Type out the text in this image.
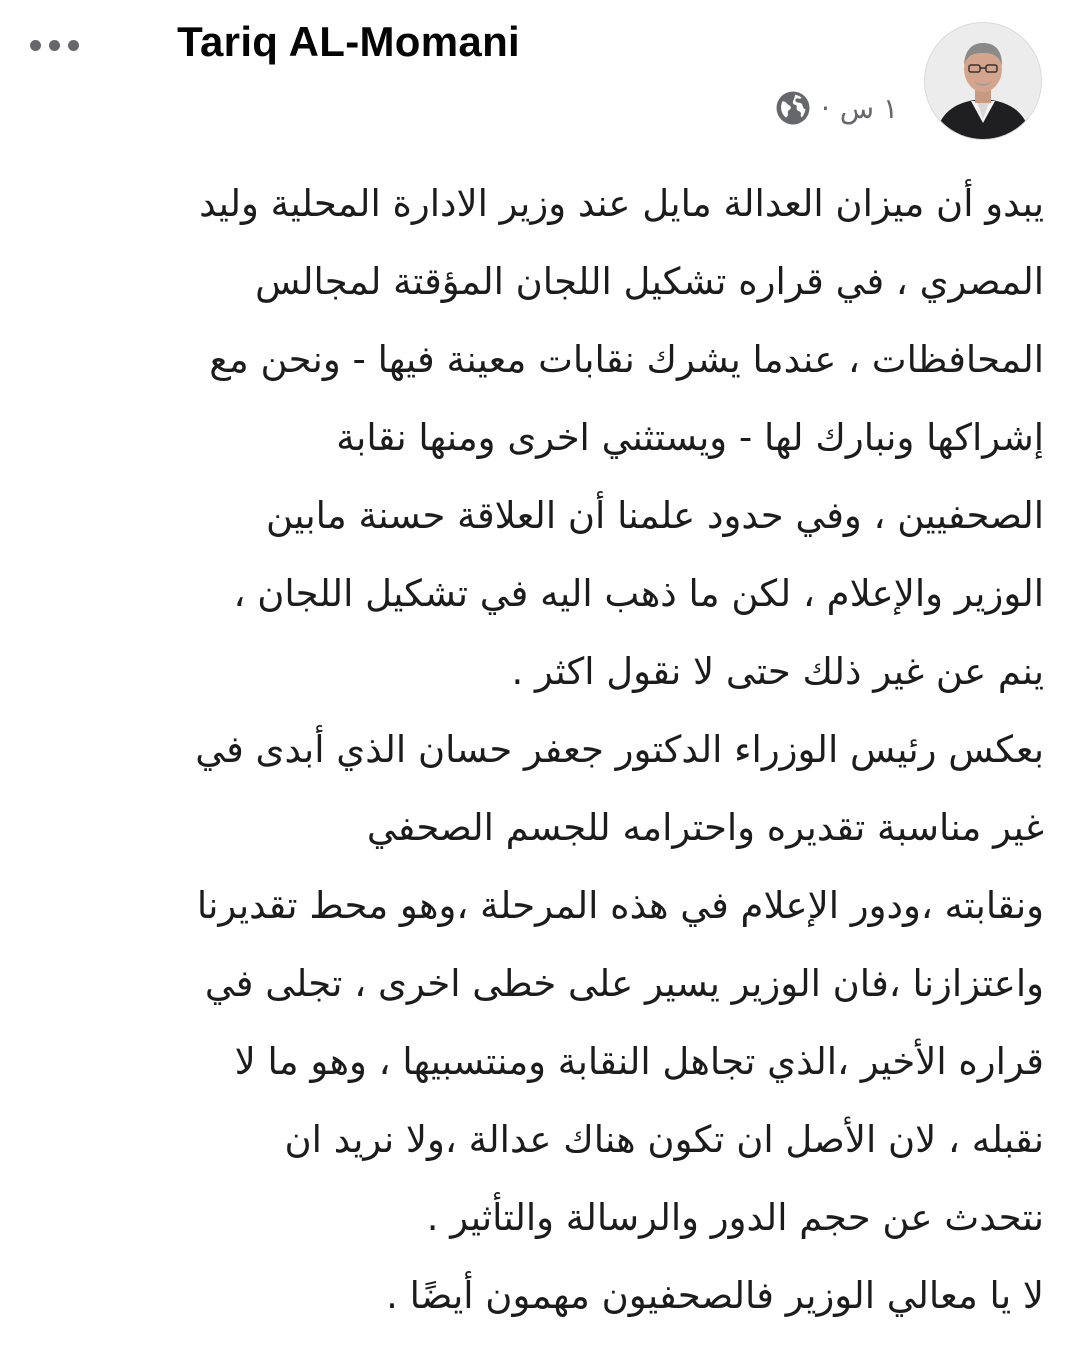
Tariq AL-Momani
· ١ س
يبدو أن ميزان العدالة مايل عند وزير الادارة المحلية وليد
المصري ، في قراره تشكيل اللجان المؤقتة لمجالس
المحافظات ، عندما يشرك نقابات معينة فيها - ونحن مع
إشراكها ونبارك لها - ويستثني اخرى ومنها نقابة
الصحفيين ، وفي حدود علمنا أن العلاقة حسنة مابين
الوزير والإعلام ، لكن ما ذهب اليه في تشكيل اللجان ،
ينم عن غير ذلك حتى لا نقول اكثر .
بعكس رئيس الوزراء الدكتور جعفر حسان الذي أبدى في
غير مناسبة تقديره واحترامه للجسم الصحفي
ونقابته ،ودور الإعلام في هذه المرحلة ،وهو محط تقديرنا
واعتزازنا ،فان الوزير يسير على خطى اخرى ، تجلى في
قراره الأخير ،الذي تجاهل النقابة ومنتسبيها ، وهو ما لا
نقبله ، لان الأصل ان تكون هناك عدالة ،ولا نريد ان
نتحدث عن حجم الدور والرسالة والتأثير .
لا يا معالي الوزير فالصحفيون مهمون أيضًا .
